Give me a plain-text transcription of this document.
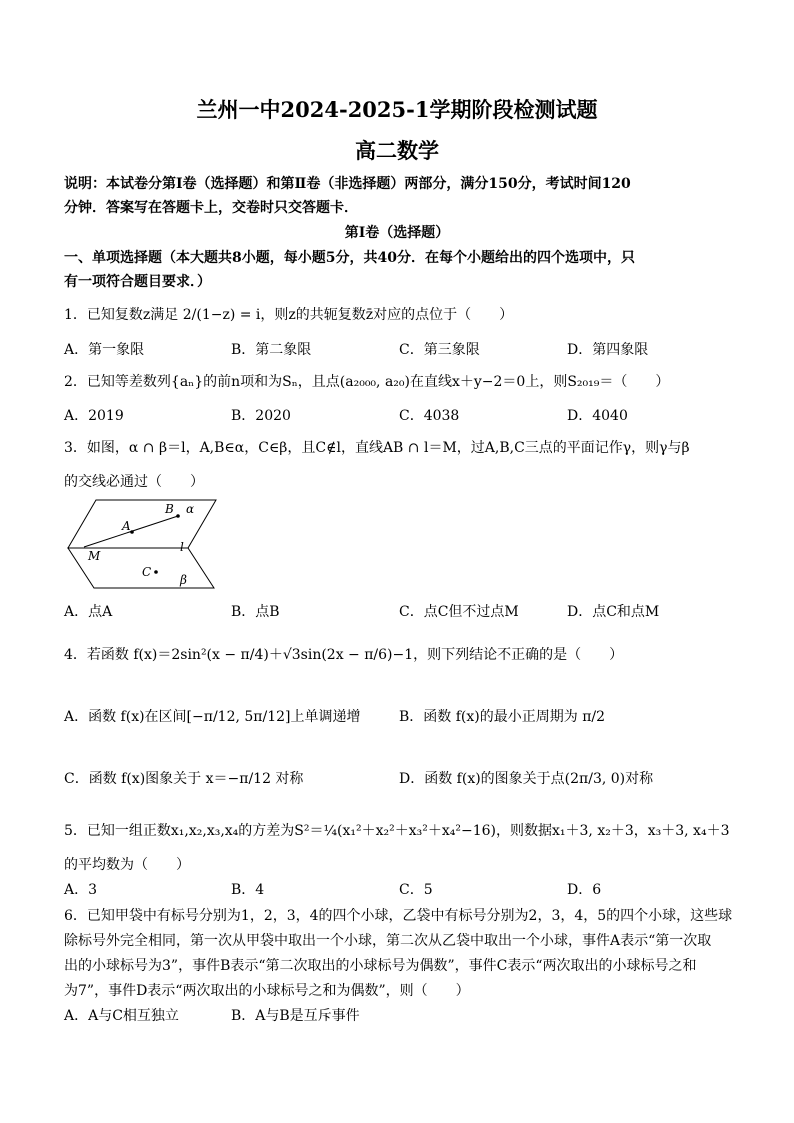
兰州一中2024-2025-1学期阶段检测试题
高二数学
说明：本试卷分第Ⅰ卷（选择题）和第Ⅱ卷（非选择题）两部分，满分150分，考试时间120
分钟．答案写在答题卡上，交卷时只交答题卡．
第Ⅰ卷（选择题）
一、单项选择题（本大题共8小题，每小题5分，共40分．在每个小题给出的四个选项中，只
有一项符合题目要求．）
1．已知复数z满足 2/(1−z) = i，则z的共轭复数z̄对应的点位于（　　）
A．第一象限	B．第二象限	C．第三象限	D．第四象限
2．已知等差数列{aₙ}的前n项和为Sₙ，且点(a₂₀₀₀, a₂₀)在直线x＋y−2＝0上，则S₂₀₁₉＝（　　）
A．2019	B．2020	C．4038	D．4040
3．如图，α ∩ β＝l，A,B∈α，C∈β，且C∉l，直线AB ∩ l＝M，过A,B,C三点的平面记作γ，则γ与β
的交线必通过（　　）
A
B α
M
l
C
β
A．点A	B．点B	C．点C但不过点M	D．点C和点M
4．若函数 f(x)＝2sin²(x − π/4)＋√3sin(2x − π/6)−1，则下列结论不正确的是（　　）
A．函数 f(x)在区间[−π/12, 5π/12]上单调递增	B．函数 f(x)的最小正周期为 π/2
C．函数 f(x)图象关于 x＝−π/12 对称	D．函数 f(x)的图象关于点(2π/3, 0)对称
5．已知一组正数x₁,x₂,x₃,x₄的方差为S²＝¼(x₁²＋x₂²＋x₃²＋x₄²−16)，则数据x₁＋3, x₂＋3，x₃＋3, x₄＋3
的平均数为（　　）
A．3	B．4	C．5	D．6
6．已知甲袋中有标号分别为1，2，3，4的四个小球，乙袋中有标号分别为2，3，4，5的四个小球，这些球
除标号外完全相同，第一次从甲袋中取出一个小球，第二次从乙袋中取出一个小球，事件A表示“第一次取
出的小球标号为3”，事件B表示“第二次取出的小球标号为偶数”，事件C表示“两次取出的小球标号之和
为7”，事件D表示“两次取出的小球标号之和为偶数”，则（　　）
A．A与C相互独立	B．A与B是互斥事件
